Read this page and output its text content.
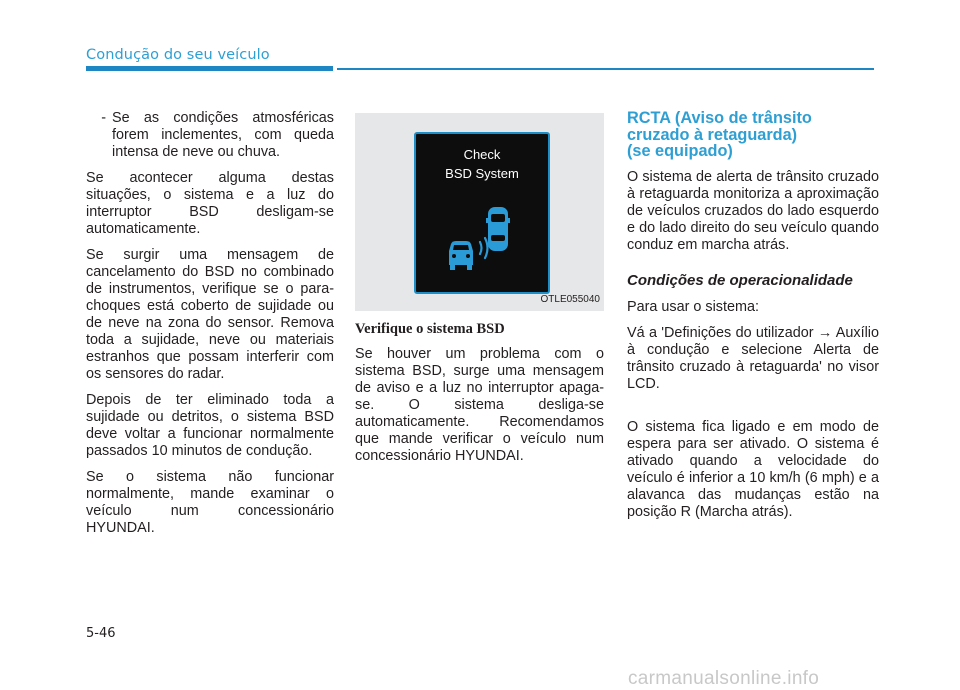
Condução do seu veículo
- Se as condições atmosféricas forem inclementes, com queda intensa de neve ou chuva.

Se acontecer alguma destas situações, o sistema e a luz do interruptor BSD desligam-se automaticamente.

Se surgir uma mensagem de cancelamento do BSD no combinado de instrumentos, verifique se o para-choques está coberto de sujidade ou de neve na zona do sensor. Remova toda a sujidade, neve ou materiais estranhos que possam interferir com os sensores do radar.

Depois de ter eliminado toda a sujidade ou detritos, o sistema BSD deve voltar a funcionar normalmente passados 10 minutos de condução.

Se o sistema não funcionar normalmente, mande examinar o veículo num concessionário HYUNDAI.

Check
BSD System
OTLE055040
Verifique o sistema BSD

Se houver um problema com o sistema BSD, surge uma mensagem de aviso e a luz no interruptor apaga-se. O sistema desliga-se automaticamente. Recomendamos que mande verificar o veículo num concessionário HYUNDAI.

RCTA (Aviso de trânsito
cruzado à retaguarda)
(se equipado)

O sistema de alerta de trânsito cruzado à retaguarda monitoriza a aproximação de veículos cruzados do lado esquerdo e do lado direito do seu veículo quando conduz em marcha atrás.

Condições de operacionalidade

Para usar o sistema:

Vá a 'Definições do utilizador → Auxílio à condução e selecione Alerta de trânsito cruzado à retaguarda' no visor LCD.

O sistema fica ligado e em modo de espera para ser ativado. O sistema é ativado quando a velocidade do veículo é inferior a 10 km/h (6 mph) e a alavanca das mudanças estão na posição R (Marcha atrás).

5-46
carmanualsonline.info
